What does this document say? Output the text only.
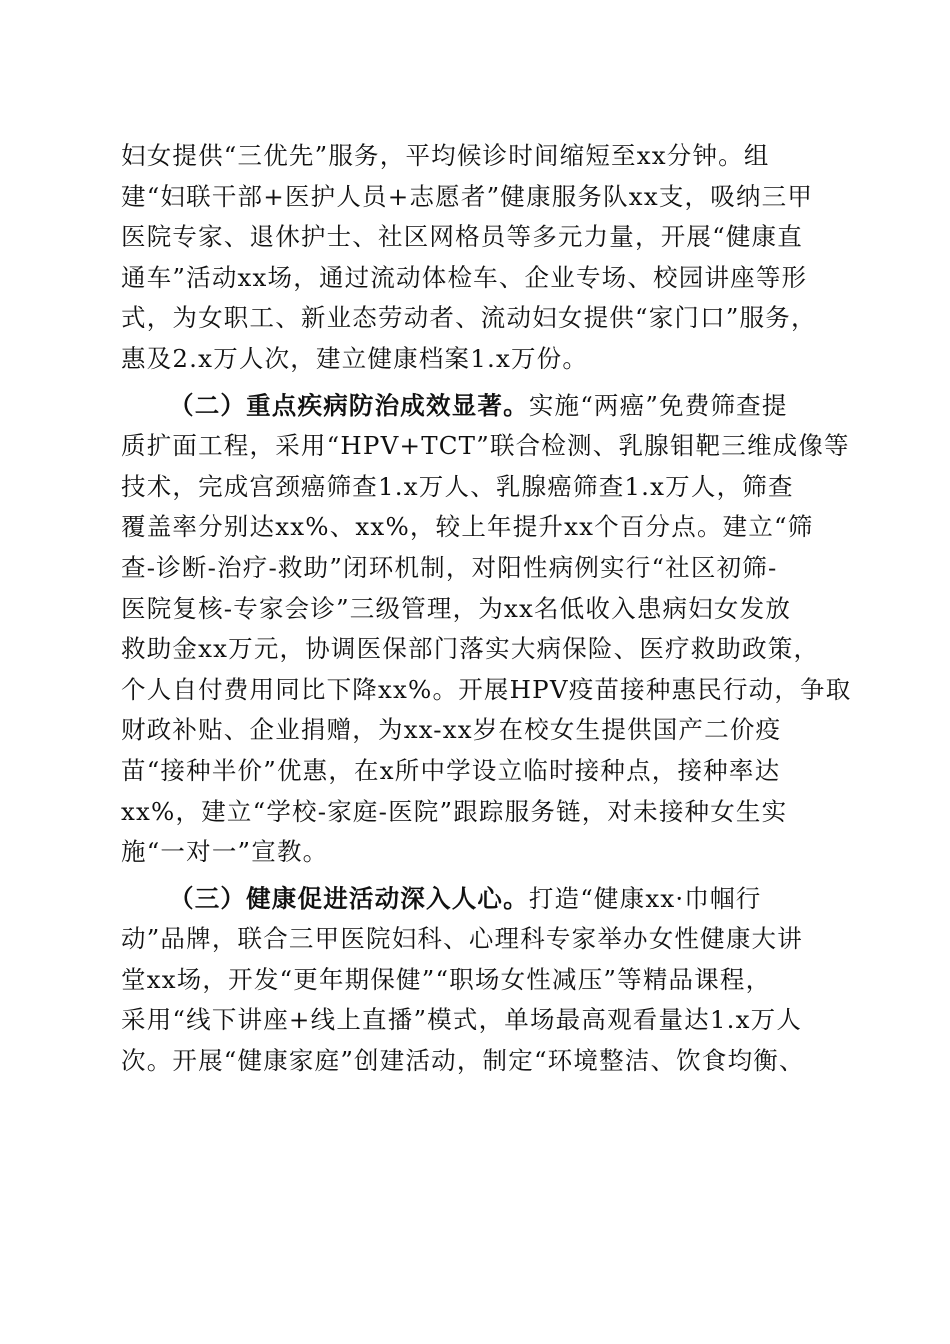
妇女提供“三优先”服务，平均候诊时间缩短至xx分钟。组
建“妇联干部+医护人员+志愿者”健康服务队xx支，吸纳三甲
医院专家、退休护士、社区网格员等多元力量，开展“健康直
通车”活动xx场，通过流动体检车、企业专场、校园讲座等形
式，为女职工、新业态劳动者、流动妇女提供“家门口”服务，
惠及2.x万人次，建立健康档案1.x万份。
（二）重点疾病防治成效显著。实施“两癌”免费筛查提
质扩面工程，采用“HPV+TCT”联合检测、乳腺钼靶三维成像等
技术，完成宫颈癌筛查1.x万人、乳腺癌筛查1.x万人，筛查
覆盖率分别达xx%、xx%，较上年提升xx个百分点。建立“筛
查-诊断-治疗-救助”闭环机制，对阳性病例实行“社区初筛-
医院复核-专家会诊”三级管理，为xx名低收入患病妇女发放
救助金xx万元，协调医保部门落实大病保险、医疗救助政策，
个人自付费用同比下降xx%。开展HPV疫苗接种惠民行动，争取
财政补贴、企业捐赠，为xx-xx岁在校女生提供国产二价疫
苗“接种半价”优惠，在x所中学设立临时接种点，接种率达
xx%，建立“学校-家庭-医院”跟踪服务链，对未接种女生实
施“一对一”宣教。
（三）健康促进活动深入人心。打造“健康xx·巾帼行
动”品牌，联合三甲医院妇科、心理科专家举办女性健康大讲
堂xx场，开发“更年期保健”“职场女性减压”等精品课程，
采用“线下讲座+线上直播”模式，单场最高观看量达1.x万人
次。开展“健康家庭”创建活动，制定“环境整洁、饮食均衡、
